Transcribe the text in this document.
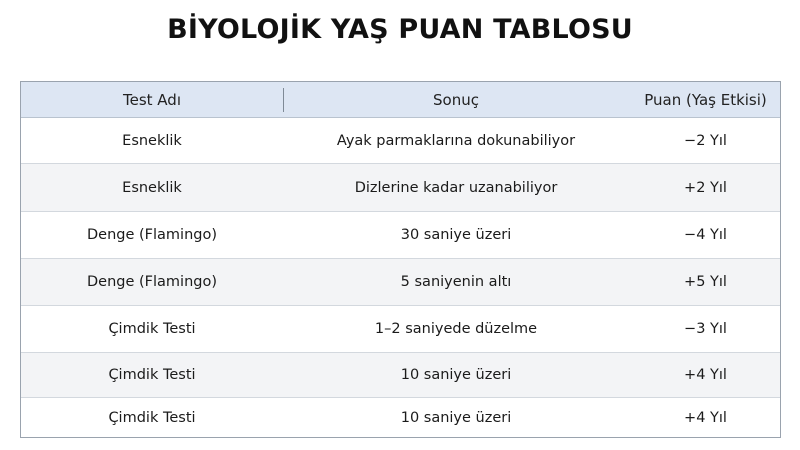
BİYOLOJİK YAŞ PUAN TABLOSU
Test Adı	Sonuç	Puan (Yaş Etkisi)
Esneklik	Ayak parmaklarına dokunabiliyor	−2 Yıl
Esneklik	Dizlerine kadar uzanabiliyor	+2 Yıl
Denge (Flamingo)	30 saniye üzeri	−4 Yıl
Denge (Flamingo)	5 saniyenin altı	+5 Yıl
Çimdik Testi	1–2 saniyede düzelme	−3 Yıl
Çimdik Testi	10 saniye üzeri	+4 Yıl
Çimdik Testi	10 saniye üzeri	+4 Yıl
